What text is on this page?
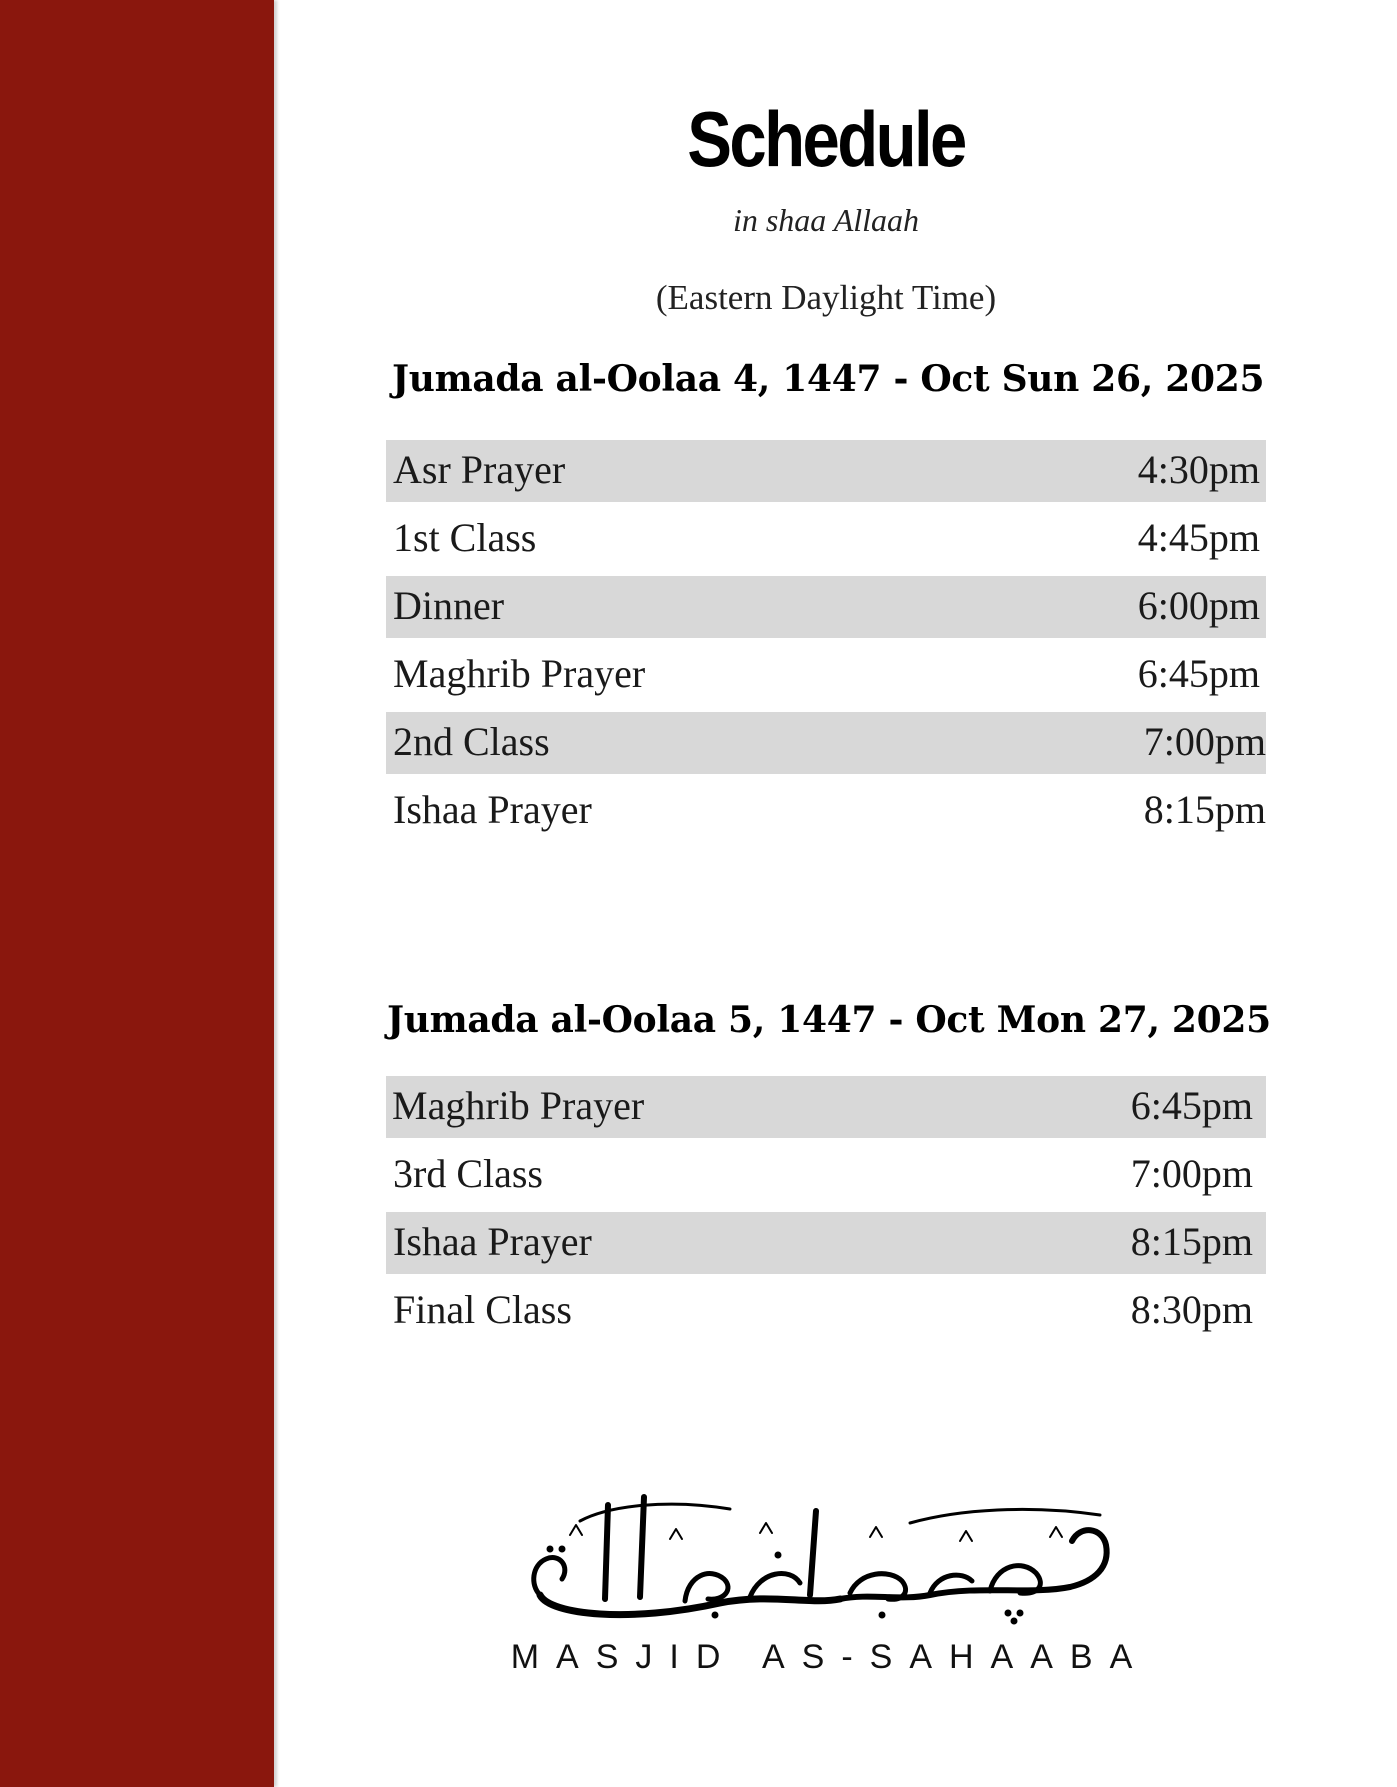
Schedule
in shaa Allaah
(Eastern Daylight Time)
Jumada al-Oolaa 4, 1447 - Oct Sun 26, 2025
Asr Prayer	4:30pm
1st Class	4:45pm
Dinner	6:00pm
Maghrib Prayer	6:45pm
2nd Class	7:00pm
Ishaa Prayer	8:15pm
Jumada al-Oolaa 5, 1447 - Oct Mon 27, 2025
Maghrib Prayer	6:45pm
3rd Class	7:00pm
Ishaa Prayer	8:15pm
Final Class	8:30pm
MASJID AS-SAHAABA
